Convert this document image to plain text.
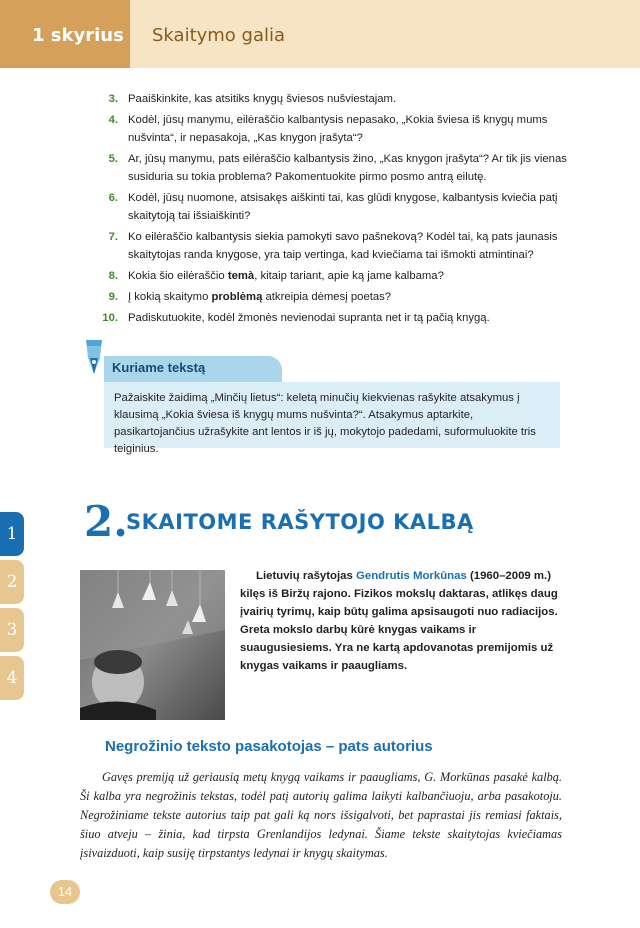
1 skyrius Skaitymo galia
3. Paaiškinkite, kas atsitiks knygų šviesos nušviestajam.
4. Kodėl, jūsų manymu, eilėraščio kalbantysis nepasako, „Kokia šviesa iš knygų mums nušvinta“, ir nepasakoja, „Kas knygon įrašyta“?
5. Ar, jūsų manymu, pats eilėraščio kalbantysis žino, „Kas knygon įrašyta“? Ar tik jis vienas susiduria su tokia problema? Pakomentuokite pirmo posmo antrą eilutę.
6. Kodėl, jūsų nuomone, atsisakęs aiškinti tai, kas glūdi knygose, kalbantysis kviečia patį skaitytoją tai išsiaiškinti?
7. Ko eilėraščio kalbantysis siekia pamokyti savo pašnekovą? Kodėl tai, ką pats jaunasis skaitytojas randa knygose, yra taip vertinga, kad kviečiama tai išmokti atmintinai?
8. Kokia šio eilėraščio temà, kitaip tariant, apie ką jame kalbama?
9. Į kokią skaitymo problėmą atkreipia dėmesį poetas?
10. Padiskutuokite, kodėl žmonės nevienodai supranta net ir tą pačią knygą.
Kuriame tekstą
Pažaiskite žaidimą „Minčių lietus“: keletą minučių kiekvienas rašykite atsakymus į klausimą „Kokia šviesa iš knygų mums nušvinta?“. Atsakymus aptarkite, pasikartojančius užrašykite ant lentos ir iš jų, mokytojo padedami, suformuluokite tris teiginius.
1
2
3
4
2.
SKAITOME RAŠYTOJO KALBĄ

Lietuvių rašytojas Gendrutis Morkūnas (1960–2009 m.) kilęs iš Biržų rajono. Fizikos mokslų daktaras, atlikęs daug įvairių tyrimų, kaip būtų galima apsisaugoti nuo radiacijos. Greta mokslo darbų kūrė knygas vaikams ir suaugusiesiems. Yra ne kartą apdovanotas premijomis už knygas vaikams ir paaugliams.

Negrožinio teksto pasakotojas – pats autorius

Gavęs premiją už geriausią metų knygą vaikams ir paaugliams, G. Morkūnas pasakė kalbą. Ši kalba yra negrožinis tekstas, todėl patį autorių galima laikyti kalbančiuoju, arba pasakotoju. Negrožiniame tekste autorius taip pat gali ką nors išsigalvoti, bet paprastai jis remiasi faktais, šiuo atveju – žinia, kad tirpsta Grenlandijos ledynai. Šiame tekste skaitytojas kviečiamas įsivaizduoti, kaip susiję tirpstantys ledynai ir knygų skaitymas.

14
